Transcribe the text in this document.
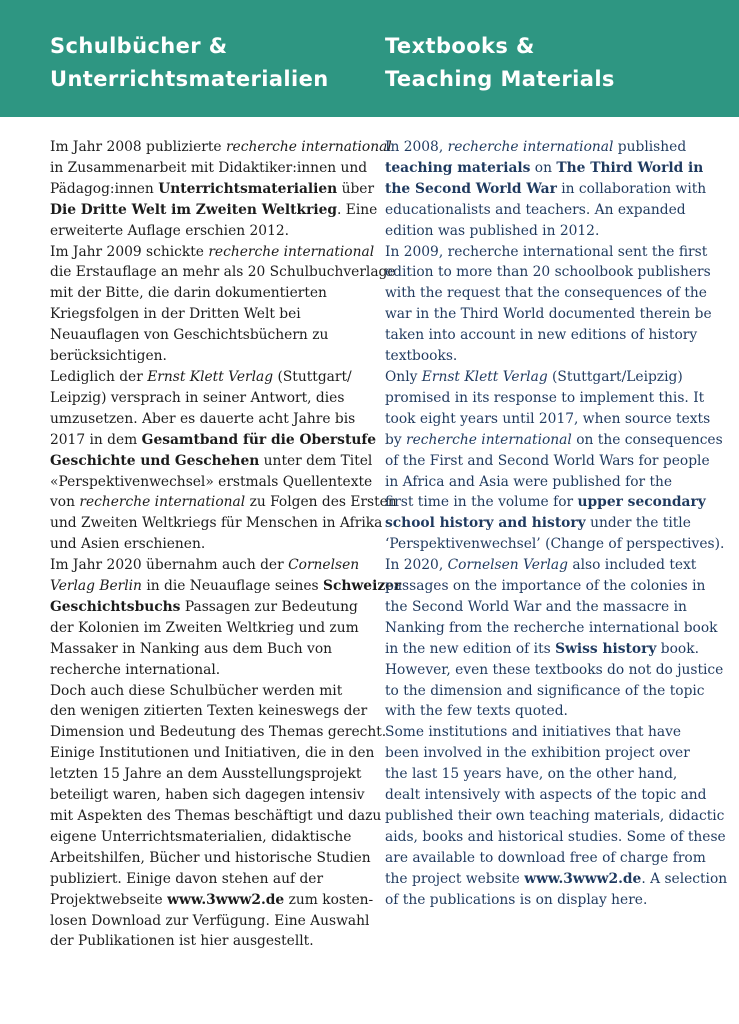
Schulbücher &
Unterrichtsmaterialien
Textbooks &
Teaching Materials

Im Jahr 2008 publizierte recherche international
in Zusammenarbeit mit Didaktiker:innen und
Pädagog:innen Unterrichtsmaterialien über
Die Dritte Welt im Zweiten Weltkrieg. Eine
erweiterte Auflage erschien 2012.

Im Jahr 2009 schickte recherche international
die Erstauflage an mehr als 20 Schulbuchverlage
mit der Bitte, die darin dokumentierten
Kriegsfolgen in der Dritten Welt bei
Neuauflagen von Geschichtsbüchern zu
berücksichtigen.

Lediglich der Ernst Klett Verlag (Stuttgart/
Leipzig) versprach in seiner Antwort, dies
umzusetzen. Aber es dauerte acht Jahre bis
2017 in dem Gesamtband für die Oberstufe
Geschichte und Geschehen unter dem Titel
«Perspektivenwechsel» erstmals Quellentexte
von recherche international zu Folgen des Ersten
und Zweiten Weltkriegs für Menschen in Afrika
und Asien erschienen.

Im Jahr 2020 übernahm auch der Cornelsen
Verlag Berlin in die Neuauflage seines Schweizer
Geschichtsbuchs Passagen zur Bedeutung
der Kolonien im Zweiten Weltkrieg und zum
Massaker in Nanking aus dem Buch von
recherche international.

Doch auch diese Schulbücher werden mit
den wenigen zitierten Texten keineswegs der
Dimension und Bedeutung des Themas gerecht.
Einige Institutionen und Initiativen, die in den
letzten 15 Jahre an dem Ausstellungsprojekt
beteiligt waren, haben sich dagegen intensiv
mit Aspekten des Themas beschäftigt und dazu
eigene Unterrichtsmaterialien, didaktische
Arbeitshilfen, Bücher und historische Studien
publiziert. Einige davon stehen auf der
Projektwebseite www.3www2.de zum kosten-
losen Download zur Verfügung. Eine Auswahl
der Publikationen ist hier ausgestellt.

In 2008, recherche international published
teaching materials on The Third World in
the Second World War in collaboration with
educationalists and teachers. An expanded
edition was published in 2012.

In 2009, recherche international sent the first
edition to more than 20 schoolbook publishers
with the request that the consequences of the
war in the Third World documented therein be
taken into account in new editions of history
textbooks.

Only Ernst Klett Verlag (Stuttgart/Leipzig)
promised in its response to implement this. It
took eight years until 2017, when source texts
by recherche international on the consequences
of the First and Second World Wars for people
in Africa and Asia were published for the
first time in the volume for upper secondary
school history and history under the title
‘Perspektivenwechsel’ (Change of perspectives).

In 2020, Cornelsen Verlag also included text
passages on the importance of the colonies in
the Second World War and the massacre in
Nanking from the recherche international book
in the new edition of its Swiss history book.

However, even these textbooks do not do justice
to the dimension and significance of the topic
with the few texts quoted.

Some institutions and initiatives that have
been involved in the exhibition project over
the last 15 years have, on the other hand,
dealt intensively with aspects of the topic and
published their own teaching materials, didactic
aids, books and historical studies. Some of these
are available to download free of charge from
the project website www.3www2.de. A selection
of the publications is on display here.
